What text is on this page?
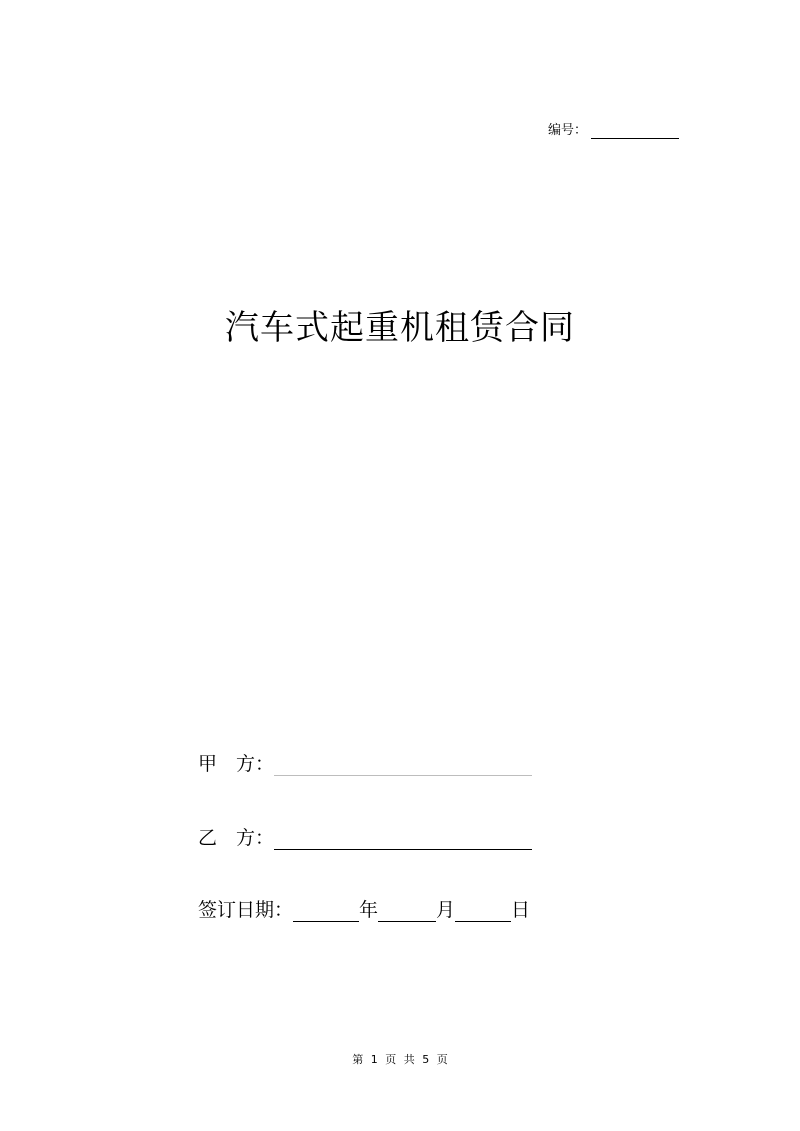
编号：
汽车式起重机租赁合同
甲 方：
乙 方：
签订日期：	年	月	日
第 1 页 共 5 页
